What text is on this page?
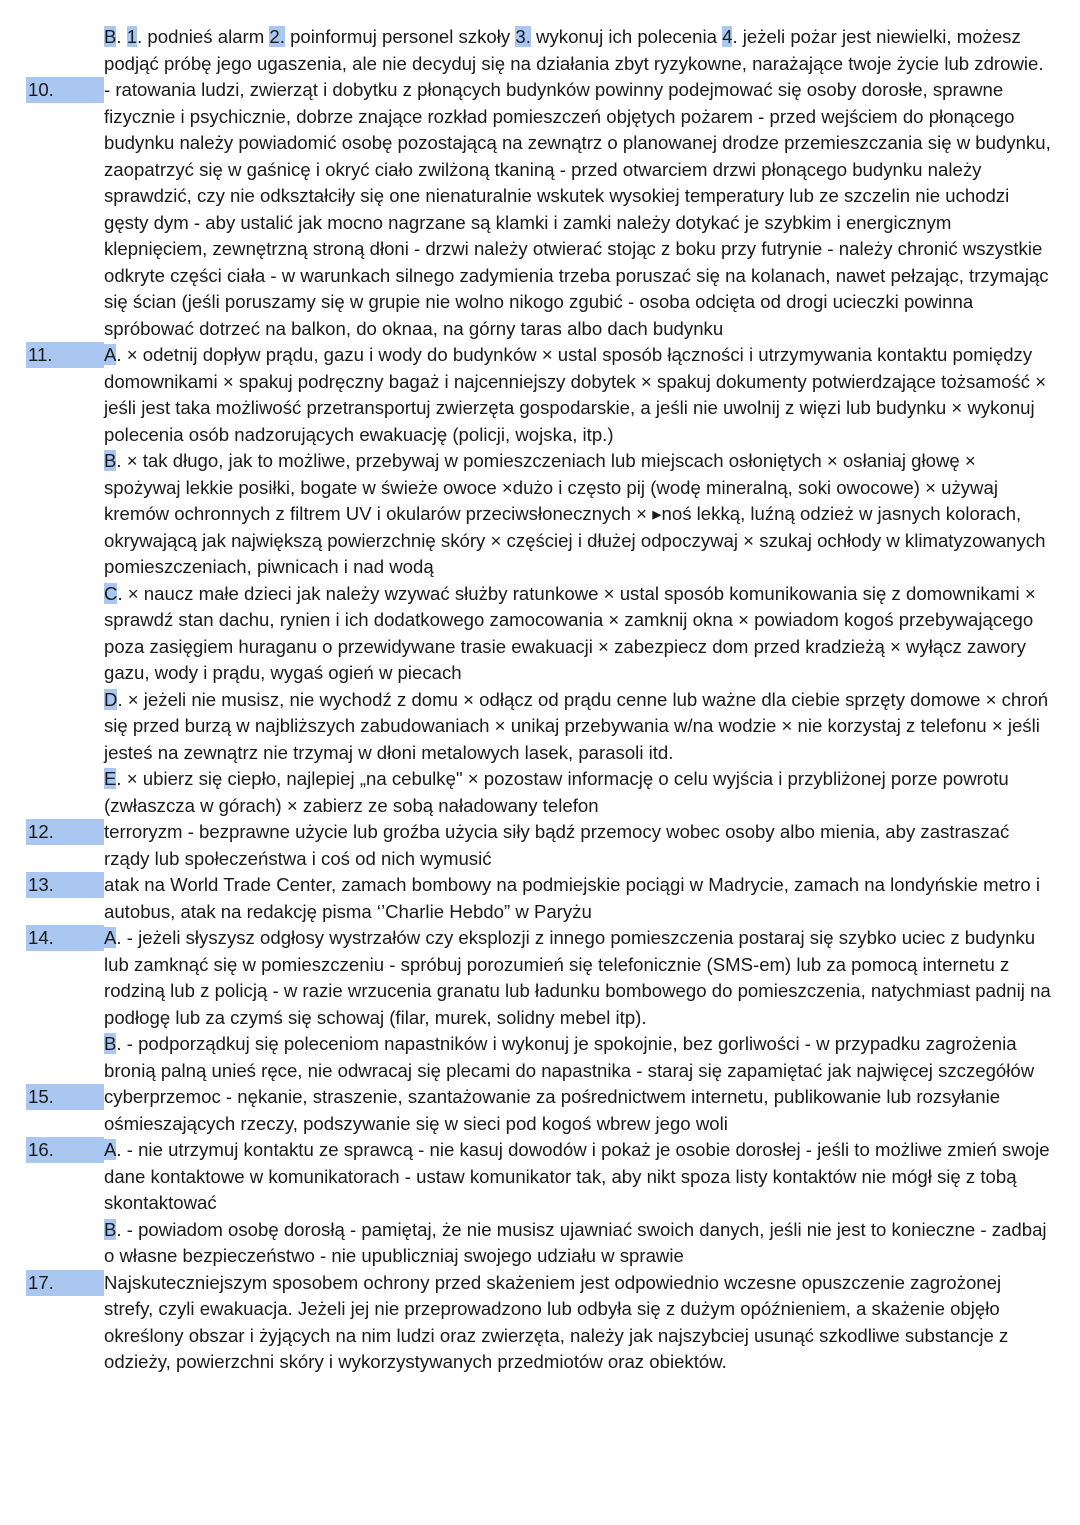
B. 1. podnieś alarm 2. poinformuj personel szkoły 3. wykonuj ich polecenia 4. jeżeli pożar jest niewielki, możesz podjąć próbę jego ugaszenia, ale nie decyduj się na działania zbyt ryzykowne, narażające twoje życie lub zdrowie.

10.	- ratowania ludzi, zwierząt i dobytku z płonących budynków powinny podejmować się osoby dorosłe, sprawne fizycznie i psychicznie, dobrze znające rozkład pomieszczeń objętych pożarem - przed wejściem do płonącego budynku należy powiadomić osobę pozostającą na zewnątrz o planowanej drodze przemieszczania się w budynku, zaopatrzyć się w gaśnicę i okryć ciało zwilżoną tkaniną - przed otwarciem drzwi płonącego budynku należy sprawdzić, czy nie odkształciły się one nienaturalnie wskutek wysokiej temperatury lub ze szczelin nie uchodzi gęsty dym - aby ustalić jak mocno nagrzane są klamki i zamki należy dotykać je szybkim i energicznym klepnięciem, zewnętrzną stroną dłoni - drzwi należy otwierać stojąc z boku przy futrynie - należy chronić wszystkie odkryte części ciała - w warunkach silnego zadymienia trzeba poruszać się na kolanach, nawet pełzając, trzymając się ścian (jeśli poruszamy się w grupie nie wolno nikogo zgubić - osoba odcięta od drogi ucieczki powinna spróbować dotrzeć na balkon, do oknaa, na górny taras albo dach budynku

11.	A. × odetnij dopływ prądu, gazu i wody do budynków × ustal sposób łączności i utrzymywania kontaktu pomiędzy domownikami × spakuj podręczny bagaż i najcenniejszy dobytek × spakuj dokumenty potwierdzające tożsamość × jeśli jest taka możliwość przetransportuj zwierzęta gospodarskie, a jeśli nie uwolnij z więzi lub budynku × wykonuj polecenia osób nadzorujących ewakuację (policji, wojska, itp.)

B. × tak długo, jak to możliwe, przebywaj w pomieszczeniach lub miejscach osłoniętych × osłaniaj głowę × spożywaj lekkie posiłki, bogate w świeże owoce ×dużo i często pij (wodę mineralną, soki owocowe) × używaj kremów ochronnych z filtrem UV i okularów przeciwsłonecznych × ▸noś lekką, luźną odzież w jasnych kolorach, okrywającą jak największą powierzchnię skóry × częściej i dłużej odpoczywaj × szukaj ochłody w klimatyzowanych pomieszczeniach, piwnicach i nad wodą

C. × naucz małe dzieci jak należy wzywać służby ratunkowe × ustal sposób komunikowania się z domownikami × sprawdź stan dachu, rynien i ich dodatkowego zamocowania × zamknij okna × powiadom kogoś przebywającego poza zasięgiem huraganu o przewidywane trasie ewakuacji × zabezpiecz dom przed kradzieżą × wyłącz zawory gazu, wody i prądu, wygaś ogień w piecach

D. × jeżeli nie musisz, nie wychodź z domu × odłącz od prądu cenne lub ważne dla ciebie sprzęty domowe × chroń się przed burzą w najbliższych zabudowaniach × unikaj przebywania w/na wodzie × nie korzystaj z telefonu × jeśli jesteś na zewnątrz nie trzymaj w dłoni metalowych lasek, parasoli itd.

E. × ubierz się ciepło, najlepiej „na cebulkę" × pozostaw informację o celu wyjścia i przybliżonej porze powrotu (zwłaszcza w górach) × zabierz ze sobą naładowany telefon

12.	terroryzm - bezprawne użycie lub groźba użycia siły bądź przemocy wobec osoby albo mienia, aby zastraszać rządy lub społeczeństwa i coś od nich wymusić

13.	atak na World Trade Center, zamach bombowy na podmiejskie pociągi w Madrycie, zamach na londyńskie metro i autobus, atak na redakcję pisma ‘’Charlie Hebdo” w Paryżu

14.	A. - jeżeli słyszysz odgłosy wystrzałów czy eksplozji z innego pomieszczenia postaraj się szybko uciec z budynku lub zamknąć się w pomieszczeniu - spróbuj porozumień się telefonicznie (SMS-em) lub za pomocą internetu z rodziną lub z policją - w razie wrzucenia granatu lub ładunku bombowego do pomieszczenia, natychmiast padnij na podłogę lub za czymś się schowaj (filar, murek, solidny mebel itp).

B. - podporządkuj się poleceniom napastników i wykonuj je spokojnie, bez gorliwości - w przypadku zagrożenia bronią palną unieś ręce, nie odwracaj się plecami do napastnika - staraj się zapamiętać jak najwięcej szczegółów

15.	cyberprzemoc - nękanie, straszenie, szantażowanie za pośrednictwem internetu, publikowanie lub rozsyłanie ośmieszających rzeczy, podszywanie się w sieci pod kogoś wbrew jego woli

16.	A. - nie utrzymuj kontaktu ze sprawcą - nie kasuj dowodów i pokaż je osobie dorosłej - jeśli to możliwe zmień swoje dane kontaktowe w komunikatorach - ustaw komunikator tak, aby nikt spoza listy kontaktów nie mógł się z tobą skontaktować

B. - powiadom osobę dorosłą - pamiętaj, że nie musisz ujawniać swoich danych, jeśli nie jest to konieczne - zadbaj o własne bezpieczeństwo - nie upubliczniaj swojego udziału w sprawie

17.	Najskuteczniejszym sposobem ochrony przed skażeniem jest odpowiednio wczesne opuszczenie zagrożonej strefy, czyli ewakuacja. Jeżeli jej nie przeprowadzono lub odbyła się z dużym opóźnieniem, a skażenie objęło określony obszar i żyjących na nim ludzi oraz zwierzęta, należy jak najszybciej usunąć szkodliwe substancje z odzieży, powierzchni skóry i wykorzystywanych przedmiotów oraz obiektów.
